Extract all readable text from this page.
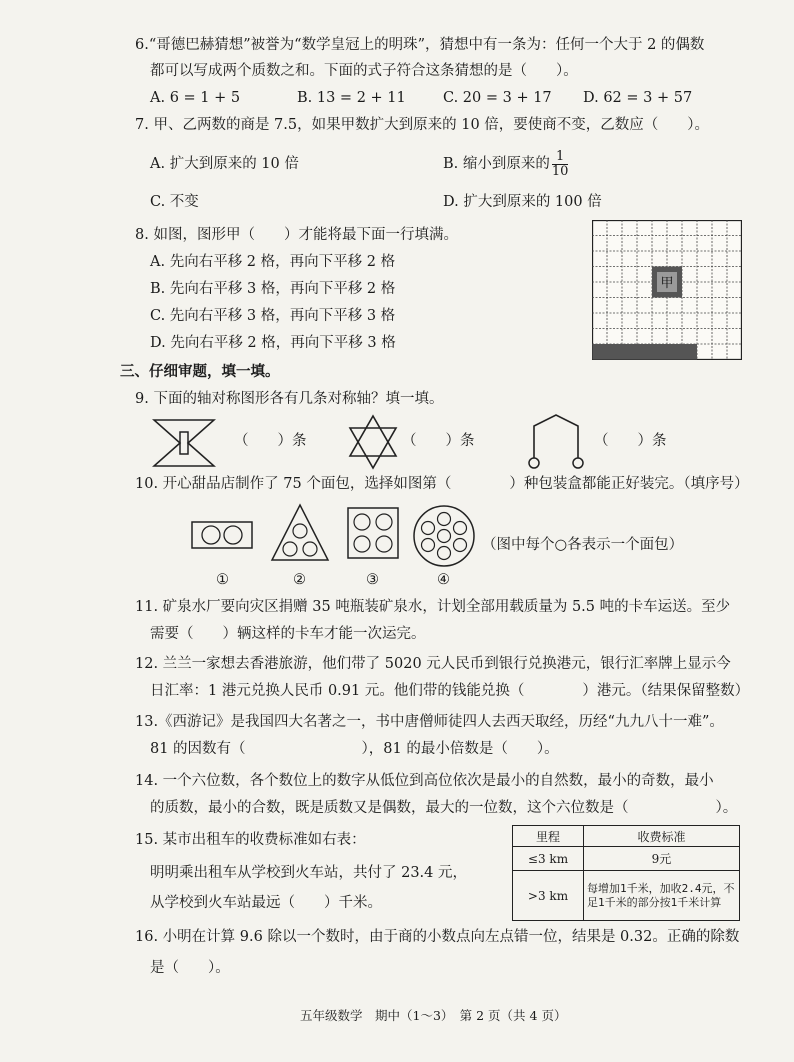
6.“哥德巴赫猜想”被誉为“数学皇冠上的明珠”，猜想中有一条为：任何一个大于 2 的偶数
都可以写成两个质数之和。下面的式子符合这条猜想的是（　　）。
A. 6 = 1 + 5	B. 13 = 2 + 11	C. 20 = 3 + 17 D. 62 = 3 + 57
7. 甲、乙两数的商是 7.5，如果甲数扩大到原来的 10 倍，要使商不变，乙数应（　　）。
A. 扩大到原来的 10 倍	B. 缩小到原来的 $\frac{1}{10}$
C. 不变	D. 扩大到原来的 100 倍
8. 如图，图形甲（　　）才能将最下面一行填满。
A. 先向右平移 2 格，再向下平移 2 格
B. 先向右平移 3 格，再向下平移 2 格
C. 先向右平移 3 格，再向下平移 3 格
D. 先向右平移 2 格，再向下平移 3 格
甲
三、仔细审题，填一填。
9. 下面的轴对称图形各有几条对称轴？填一填。
（　　）条	（　　）条	（　　）条
10. 开心甜品店制作了 75 个面包，选择如图第（　　　　）种包装盒都能正好装完。（填序号）
（图中每个○各表示一个面包）
①	②	③	④
11. 矿泉水厂要向灾区捐赠 35 吨瓶装矿泉水，计划全部用载质量为 5.5 吨的卡车运送。至少
需要（　　）辆这样的卡车才能一次运完。
12. 兰兰一家想去香港旅游，他们带了 5020 元人民币到银行兑换港元，银行汇率牌上显示今
日汇率：1 港元兑换人民币 0.91 元。他们带的钱能兑换（　　　　）港元。（结果保留整数）
13.《西游记》是我国四大名著之一，书中唐僧师徒四人去西天取经，历经“九九八十一难”。
81 的因数有（　　　　　　　　），81 的最小倍数是（　　）。
14. 一个六位数，各个数位上的数字从低位到高位依次是最小的自然数，最小的奇数，最小
的质数，最小的合数，既是质数又是偶数，最大的一位数，这个六位数是（　　　　　　）。
15. 某市出租车的收费标准如右表：
明明乘出租车从学校到火车站，共付了 23.4 元，
从学校到火车站最远（　　）千米。
里程	收费标准
≤3 km	9元
>3 km	每增加1千米，加收2.4元，不足1千米的部分按1千米计算
16. 小明在计算 9.6 除以一个数时，由于商的小数点向左点错一位，结果是 0.32。正确的除数
是（　　）。
五年级数学　期中（1～3）　第 2 页（共 4 页）
